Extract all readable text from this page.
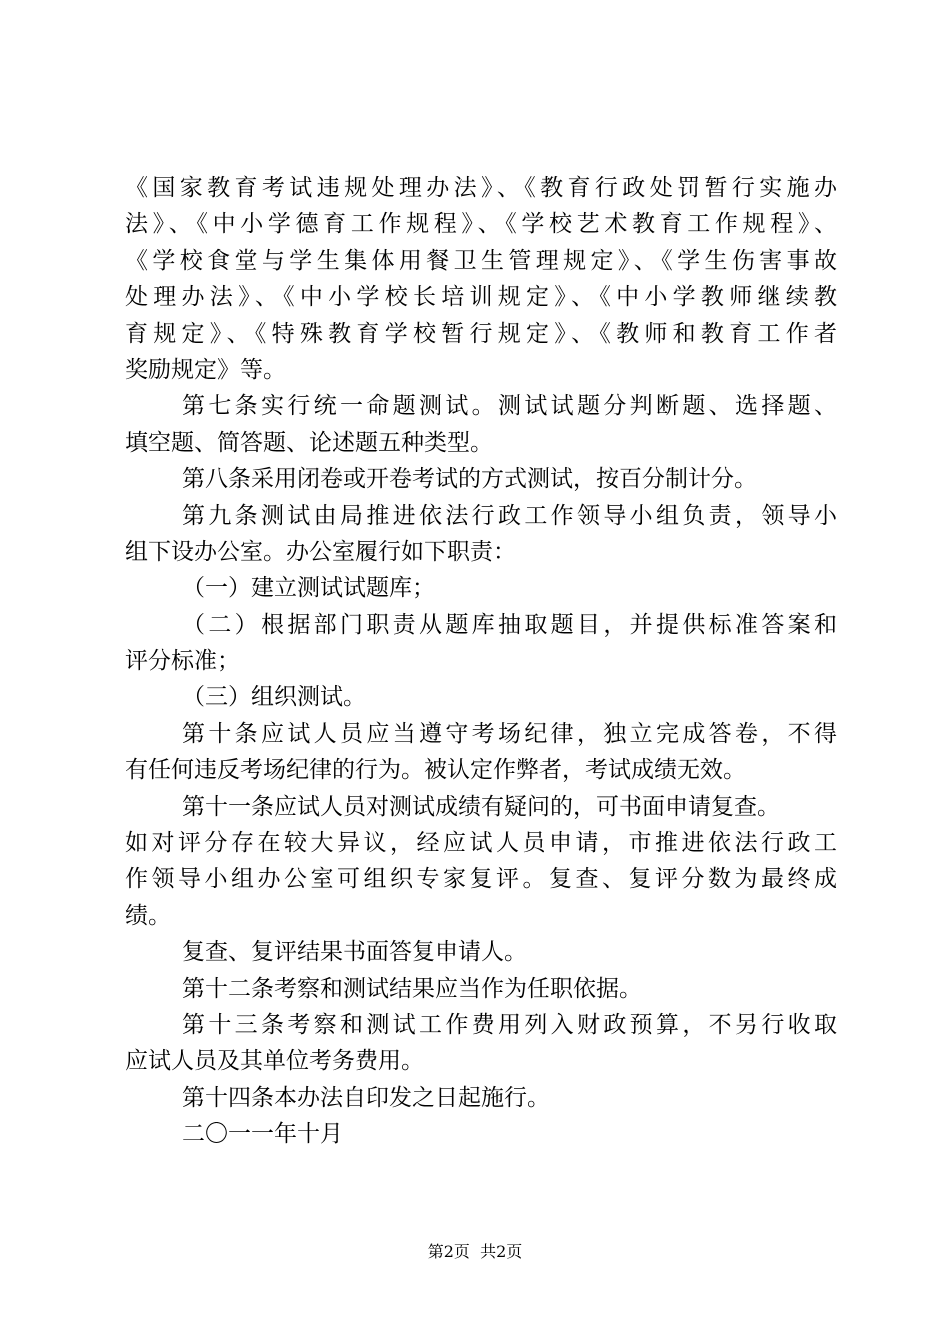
《国家教育考试违规处理办法》、《教育行政处罚暂行实施办
法》、《中小学德育工作规程》、《学校艺术教育工作规程》、
《学校食堂与学生集体用餐卫生管理规定》、《学生伤害事故
处理办法》、《中小学校长培训规定》、《中小学教师继续教
育规定》、《特殊教育学校暂行规定》、《教师和教育工作者
奖励规定》等。
第七条实行统一命题测试。测试试题分判断题、选择题、
填空题、简答题、论述题五种类型。
第八条采用闭卷或开卷考试的方式测试，按百分制计分。
第九条测试由局推进依法行政工作领导小组负责，领导小
组下设办公室。办公室履行如下职责：
（一）建立测试试题库；
（二）根据部门职责从题库抽取题目，并提供标准答案和
评分标准；
（三）组织测试。
第十条应试人员应当遵守考场纪律，独立完成答卷，不得
有任何违反考场纪律的行为。被认定作弊者，考试成绩无效。
第十一条应试人员对测试成绩有疑问的，可书面申请复查。
如对评分存在较大异议，经应试人员申请，市推进依法行政工
作领导小组办公室可组织专家复评。复查、复评分数为最终成
绩。
复查、复评结果书面答复申请人。
第十二条考察和测试结果应当作为任职依据。
第十三条考察和测试工作费用列入财政预算，不另行收取
应试人员及其单位考务费用。
第十四条本办法自印发之日起施行。
二〇一一年十月
第2页 共2页
